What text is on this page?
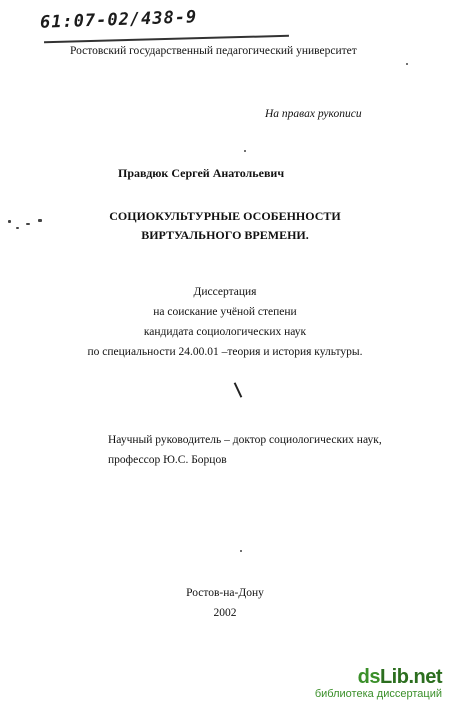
61:07-02/438-9
Ростовский государственный педагогический университет
На правах рукописи
Правдюк Сергей Анатольевич
СОЦИОКУЛЬТУРНЫЕ ОСОБЕННОСТИ
ВИРТУАЛЬНОГО ВРЕМЕНИ.
Диссертация
на соискание учёной степени
кандидата социологических наук
по специальности 24.00.01 –теория и история культуры.
Научный руководитель – доктор социологических наук,
профессор Ю.С. Борцов
Ростов-на-Дону
2002
dsLib.net
библиотека диссертаций
